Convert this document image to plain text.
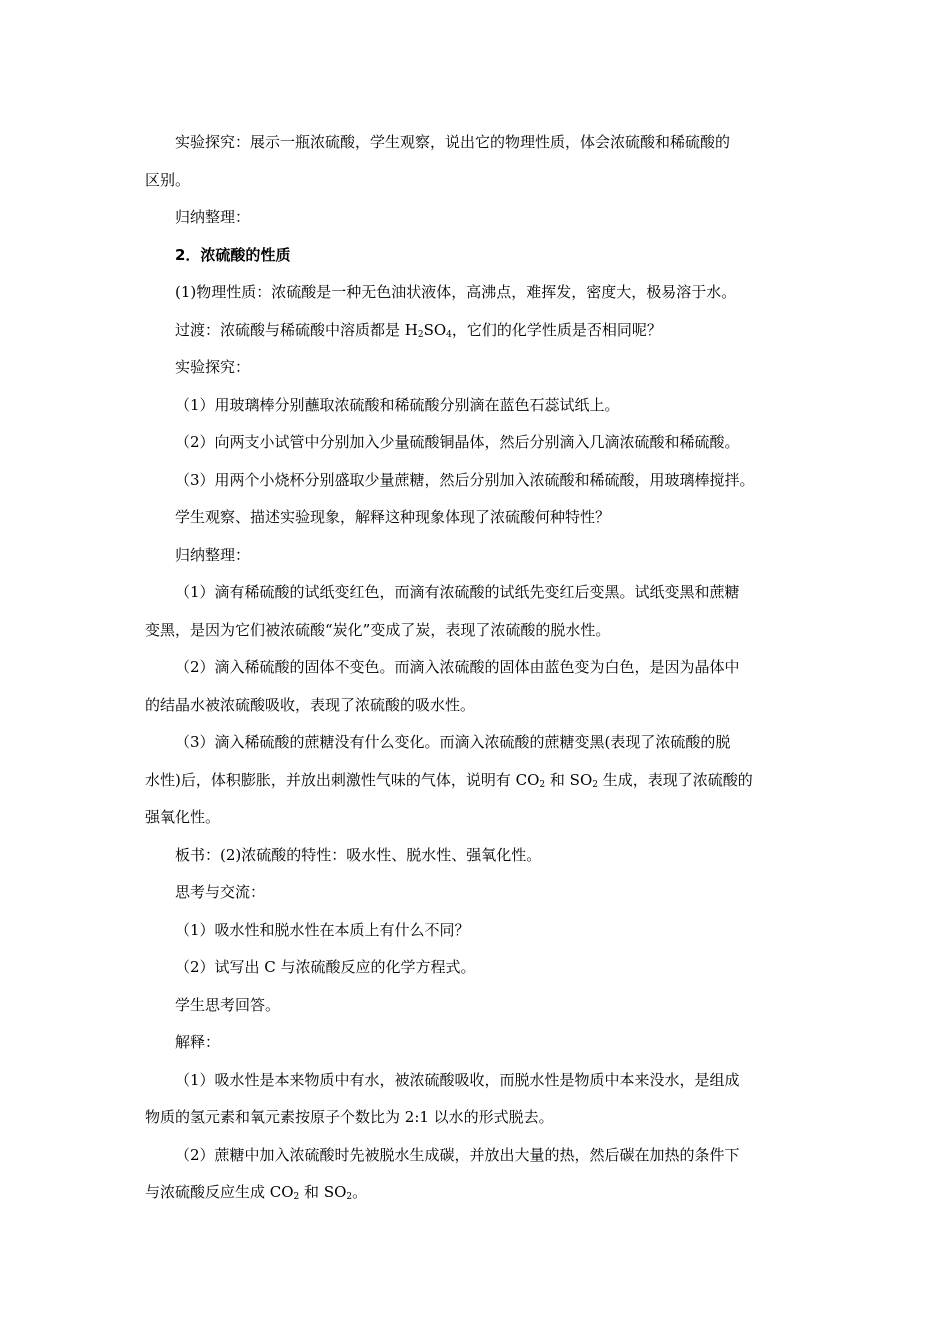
实验探究：展示一瓶浓硫酸，学生观察，说出它的物理性质，体会浓硫酸和稀硫酸的

区别。

归纳整理：

2．浓硫酸的性质

(1)物理性质：浓硫酸是一种无色油状液体，高沸点，难挥发，密度大，极易溶于水。

过渡：浓硫酸与稀硫酸中溶质都是 $H_2SO_4$，它们的化学性质是否相同呢？

实验探究：

（1）用玻璃棒分别蘸取浓硫酸和稀硫酸分别滴在蓝色石蕊试纸上。

（2）向两支小试管中分别加入少量硫酸铜晶体，然后分别滴入几滴浓硫酸和稀硫酸。

（3）用两个小烧杯分别盛取少量蔗糖，然后分别加入浓硫酸和稀硫酸，用玻璃棒搅拌。

学生观察、描述实验现象，解释这种现象体现了浓硫酸何种特性？

归纳整理：

（1）滴有稀硫酸的试纸变红色，而滴有浓硫酸的试纸先变红后变黑。试纸变黑和蔗糖

变黑，是因为它们被浓硫酸“炭化”变成了炭，表现了浓硫酸的脱水性。

（2）滴入稀硫酸的固体不变色。而滴入浓硫酸的固体由蓝色变为白色，是因为晶体中

的结晶水被浓硫酸吸收，表现了浓硫酸的吸水性。

（3）滴入稀硫酸的蔗糖没有什么变化。而滴入浓硫酸的蔗糖变黑(表现了浓硫酸的脱

水性)后，体积膨胀，并放出刺激性气味的气体，说明有 $CO_2$ 和 $SO_2$ 生成，表现了浓硫酸的

强氧化性。

板书：(2)浓硫酸的特性：吸水性、脱水性、强氧化性。

思考与交流：

（1）吸水性和脱水性在本质上有什么不同？

（2）试写出 C 与浓硫酸反应的化学方程式。

学生思考回答。

解释：

（1）吸水性是本来物质中有水，被浓硫酸吸收，而脱水性是物质中本来没水，是组成

物质的氢元素和氧元素按原子个数比为 2:1 以水的形式脱去。

（2）蔗糖中加入浓硫酸时先被脱水生成碳，并放出大量的热，然后碳在加热的条件下

与浓硫酸反应生成 $CO_2$ 和 $SO_2$。
